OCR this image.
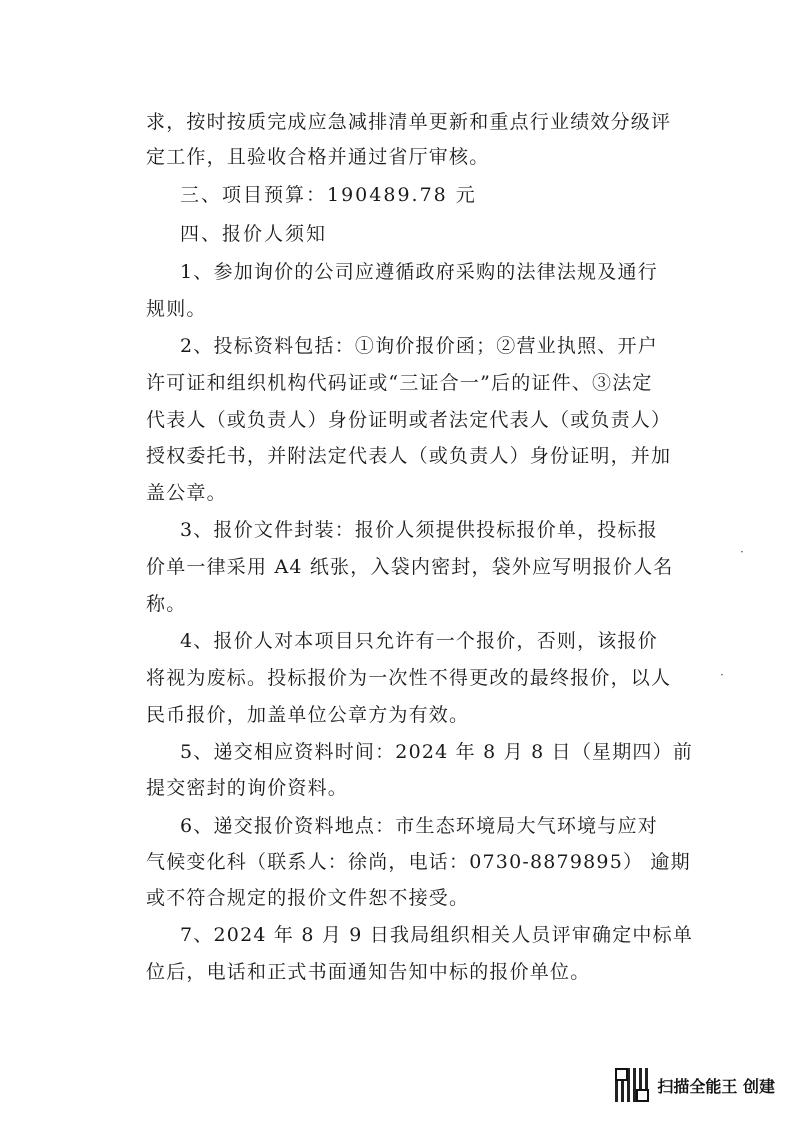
求，按时按质完成应急减排清单更新和重点行业绩效分级评
定工作，且验收合格并通过省厅审核。
三、项目预算：190489.78 元
四、报价人须知
1、参加询价的公司应遵循政府采购的法律法规及通行
规则。
2、投标资料包括：①询价报价函；②营业执照、开户
许可证和组织机构代码证或“三证合一”后的证件、③法定
代表人（或负责人）身份证明或者法定代表人（或负责人）
授权委托书，并附法定代表人（或负责人）身份证明，并加
盖公章。
3、报价文件封装：报价人须提供投标报价单，投标报
价单一律采用 A4 纸张，入袋内密封，袋外应写明报价人名
称。
4、报价人对本项目只允许有一个报价，否则，该报价
将视为废标。投标报价为一次性不得更改的最终报价，以人
民币报价，加盖单位公章方为有效。
5、递交相应资料时间：2024 年 8 月 8 日（星期四）前
提交密封的询价资料。
6、递交报价资料地点：市生态环境局大气环境与应对
气候变化科（联系人：徐尚，电话：0730-8879895） 逾期
或不符合规定的报价文件恕不接受。
7、2024 年 8 月 9 日我局组织相关人员评审确定中标单
位后，电话和正式书面通知告知中标的报价单位。
·
·
扫描全能王 创建
